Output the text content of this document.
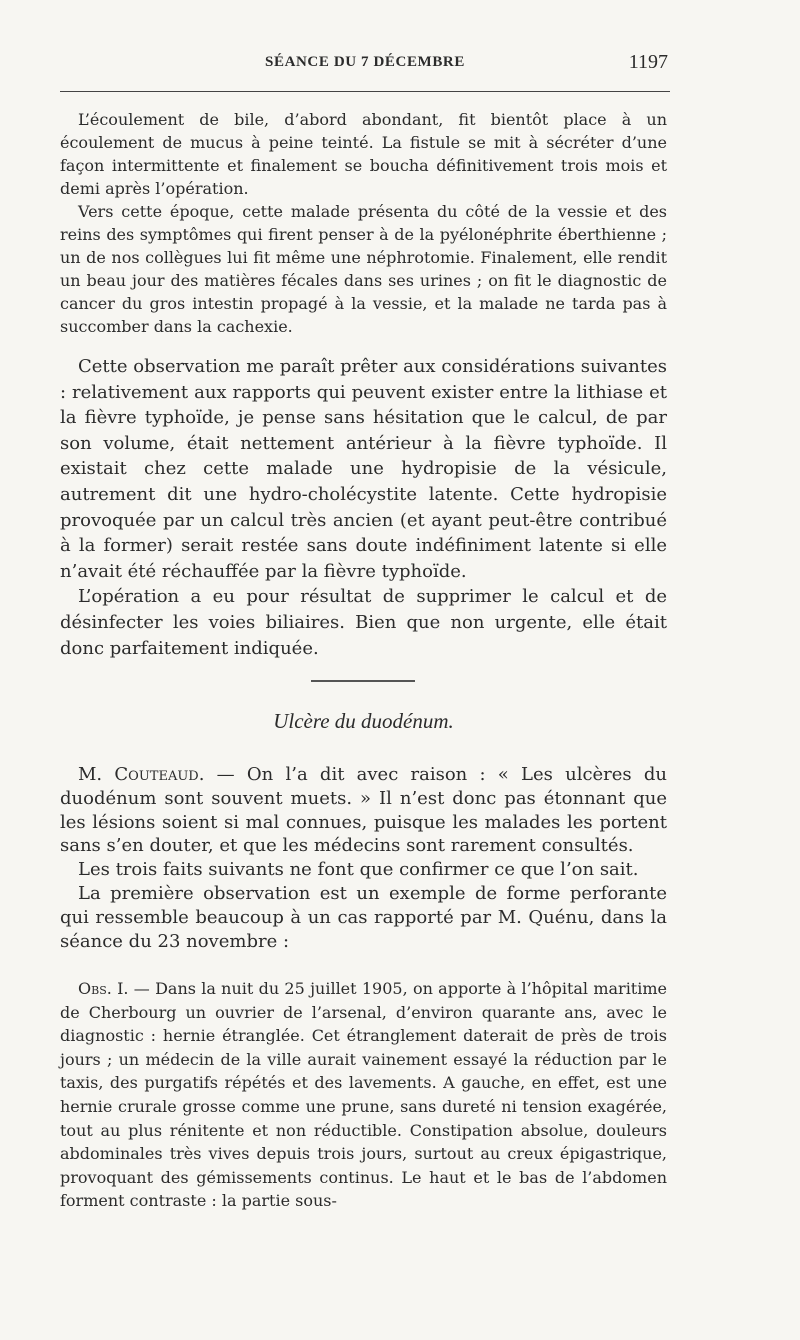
SÉANCE DU 7 DÉCEMBRE	1197

L’écoulement de bile, d’abord abondant, fit bientôt place à un écoulement de mucus à peine teinté. La fistule se mit à sécréter d’une façon intermittente et finalement se boucha définitivement trois mois et demi après l’opération.

Vers cette époque, cette malade présenta du côté de la vessie et des reins des symptômes qui firent penser à de la pyélonéphrite éberthienne ; un de nos collègues lui fit même une néphrotomie. Finalement, elle rendit un beau jour des matières fécales dans ses urines ; on fit le diagnostic de cancer du gros intestin propagé à la vessie, et la malade ne tarda pas à succomber dans la cachexie.

Cette observation me paraît prêter aux considérations suivantes : relativement aux rapports qui peuvent exister entre la lithiase et la fièvre typhoïde, je pense sans hésitation que le calcul, de par son volume, était nettement antérieur à la fièvre typhoïde. Il existait chez cette malade une hydropisie de la vésicule, autrement dit une hydro-cholécystite latente. Cette hydropisie provoquée par un calcul très ancien (et ayant peut-être contribué à la former) serait restée sans doute indéfiniment latente si elle n’avait été réchauffée par la fièvre typhoïde.

L’opération a eu pour résultat de supprimer le calcul et de désinfecter les voies biliaires. Bien que non urgente, elle était donc parfaitement indiquée.

Ulcère du duodénum.

M. Couteaud. — On l’a dit avec raison : « Les ulcères du duodénum sont souvent muets. » Il n’est donc pas étonnant que les lésions soient si mal connues, puisque les malades les portent sans s’en douter, et que les médecins sont rarement consultés.

Les trois faits suivants ne font que confirmer ce que l’on sait.

La première observation est un exemple de forme perforante qui ressemble beaucoup à un cas rapporté par M. Quénu, dans la séance du 23 novembre :

Obs. I. — Dans la nuit du 25 juillet 1905, on apporte à l’hôpital maritime de Cherbourg un ouvrier de l’arsenal, d’environ quarante ans, avec le diagnostic : hernie étranglée. Cet étranglement daterait de près de trois jours ; un médecin de la ville aurait vainement essayé la réduction par le taxis, des purgatifs répétés et des lavements. A gauche, en effet, est une hernie crurale grosse comme une prune, sans dureté ni tension exagérée, tout au plus rénitente et non réductible. Constipation absolue, douleurs abdominales très vives depuis trois jours, surtout au creux épigastrique, provoquant des gémissements continus. Le haut et le bas de l’abdomen forment contraste : la partie sous-
